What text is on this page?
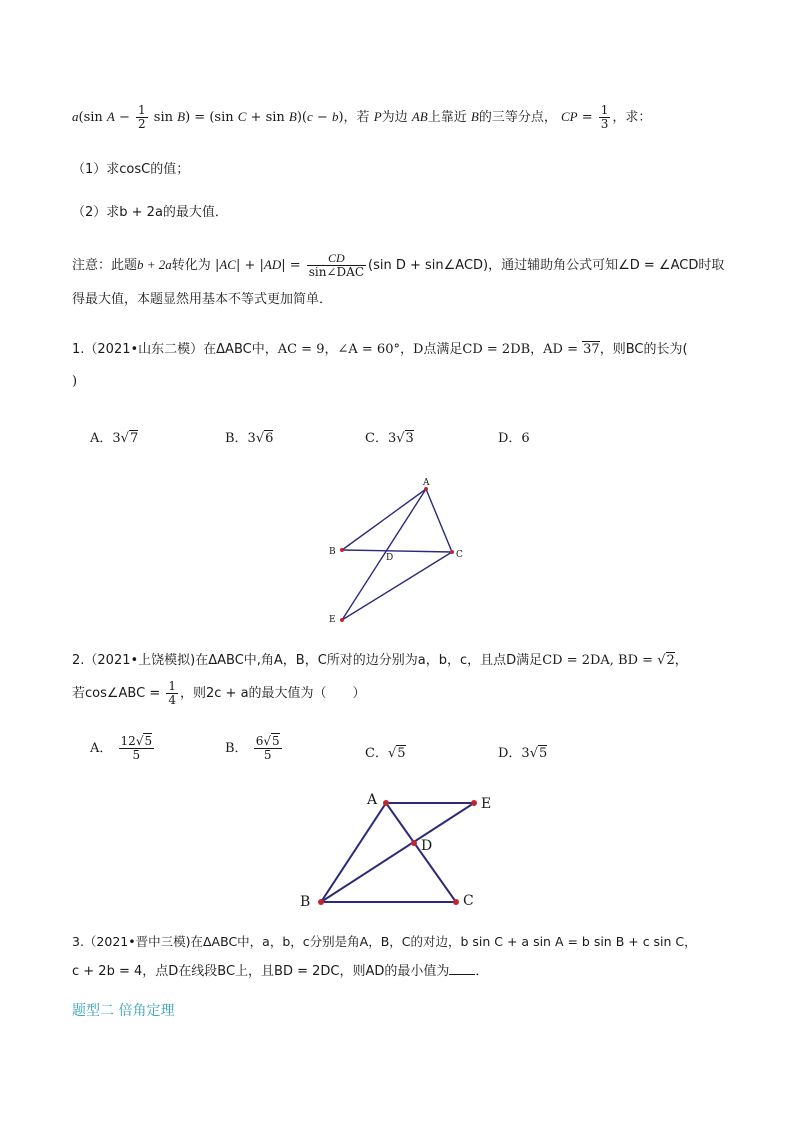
a(sin $A - \frac{1}{2}$ sin B) = (sin C + sin B)(c − b)，若 P为边 AB上靠近 B的三等分点， CP = $\frac{1}{3}$ ，求：
（1）求cosC的值；
（2）求b + 2a的最大值．
注意：此题b + 2a转化为 $|AC| + |AD| = \frac{CD}{\text{sin∠DAC}} (\sin$ D + sin∠ACD)，通过辅助角公式可知∠D = ∠ACD时取
得最大值，本题显然用基本不等式更加简单．
1.（2021•山东二模）在ΔABC中，AC = 9，∠A = 60°，D点满足CD = 2DB，AD = 37，则BC的长为(
)
A．3√7	B．3√6	C．3√3	D．6
A
B	C
D
E
2.（2021•上饶模拟)在ΔABC中,角A，B，C所对的边分别为a，b，c，且点D满足CD = 2DA, BD = √2，
若cos∠ABC = $\frac{1}{4}$ ，则2c + a的最大值为（　　）
A． $\frac{12√5}{5}$	B． $\frac{6√5}{5}$	C．√5	D．3√5
A	E
D
B	C
3.（2021•晋中三模)在ΔABC中，a，b，c分别是角A，B，C的对边，b sin C + a sin A = b sin B + c sin C，
c + 2b = 4，点D在线段BC上，且BD = 2DC，则AD的最小值为 ．
题型二 倍角定理
